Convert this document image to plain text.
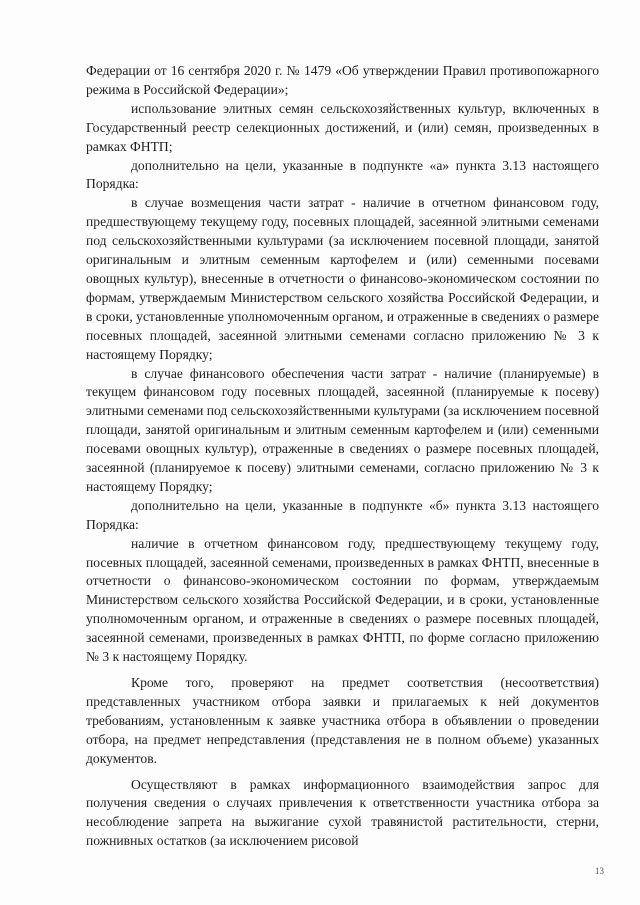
Федерации от 16 сентября 2020 г. № 1479 «Об утверждении Правил противопожарного режима в Российской Федерации»;

использование элитных семян сельскохозяйственных культур, включенных в Государственный реестр селекционных достижений, и (или) семян, произведенных в рамках ФНТП;

дополнительно на цели, указанные в подпункте «а» пункта 3.13 настоящего Порядка:

в случае возмещения части затрат - наличие в отчетном финансовом году, предшествующему текущему году, посевных площадей, засеянной элитными семенами под сельскохозяйственными культурами (за исключением посевной площади, занятой оригинальным и элитным семенным картофелем и (или) семенными посевами овощных культур), внесенные в отчетности о финансово-экономическом состоянии по формам, утверждаемым Министерством сельского хозяйства Российской Федерации, и в сроки, установленные уполномоченным органом, и отраженные в сведениях о размере посевных площадей, засеянной элитными семенами согласно приложению № 3 к настоящему Порядку;

в случае финансового обеспечения части затрат - наличие (планируемые) в текущем финансовом году посевных площадей, засеянной (планируемые к посеву) элитными семенами под сельскохозяйственными культурами (за исключением посевной площади, занятой оригинальным и элитным семенным картофелем и (или) семенными посевами овощных культур), отраженные в сведениях о размере посевных площадей, засеянной (планируемое к посеву) элитными семенами, согласно приложению № 3 к настоящему Порядку;

дополнительно на цели, указанные в подпункте «б» пункта 3.13 настоящего Порядка:

наличие в отчетном финансовом году, предшествующему текущему году, посевных площадей, засеянной семенами, произведенных в рамках ФНТП, внесенные в отчетности о финансово-экономическом состоянии по формам, утверждаемым Министерством сельского хозяйства Российской Федерации, и в сроки, установленные уполномоченным органом, и отраженные в сведениях о размере посевных площадей, засеянной семенами, произведенных в рамках ФНТП, по форме согласно приложению № 3 к настоящему Порядку.

Кроме того, проверяют на предмет соответствия (несоответствия) представленных участником отбора заявки и прилагаемых к ней документов требованиям, установленным к заявке участника отбора в объявлении о проведении отбора, на предмет непредставления (представления не в полном объеме) указанных документов.

Осуществляют в рамках информационного взаимодействия запрос для получения сведения о случаях привлечения к ответственности участника отбора за несоблюдение запрета на выжигание сухой травянистой растительности, стерни, пожнивных остатков (за исключением рисовой

13
